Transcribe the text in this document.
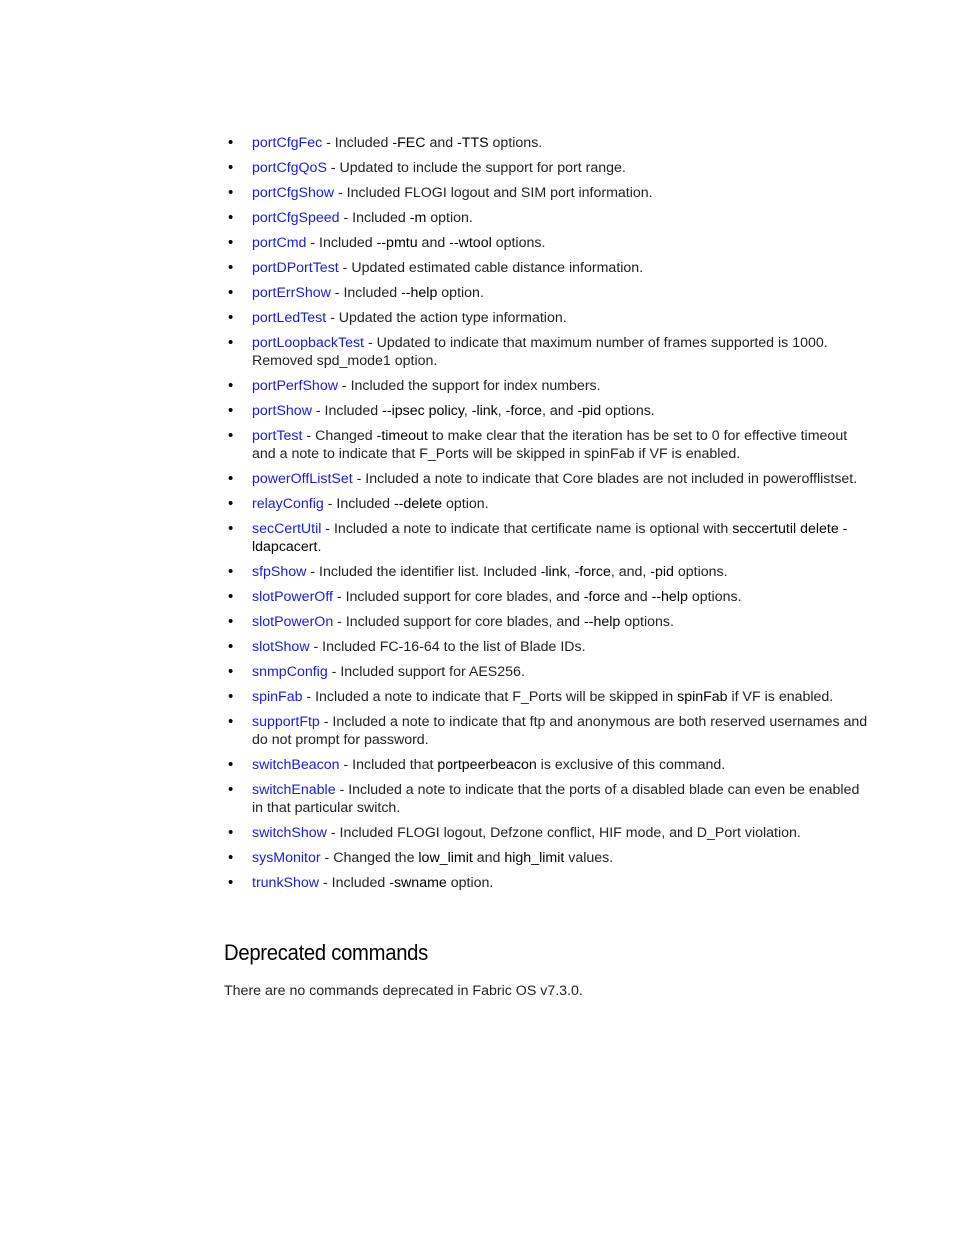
• portCfgFec - Included -FEC and -TTS options.
• portCfgQoS - Updated to include the support for port range.
• portCfgShow - Included FLOGI logout and SIM port information.
• portCfgSpeed - Included -m option.
• portCmd - Included --pmtu and --wtool options.
• portDPortTest - Updated estimated cable distance information.
• portErrShow - Included --help option.
• portLedTest - Updated the action type information.
• portLoopbackTest - Updated to indicate that maximum number of frames supported is 1000. Removed spd_mode1 option.
• portPerfShow - Included the support for index numbers.
• portShow - Included --ipsec policy, -link, -force, and -pid options.
• portTest - Changed -timeout to make clear that the iteration has be set to 0 for effective timeout and a note to indicate that F_Ports will be skipped in spinFab if VF is enabled.
• powerOffListSet - Included a note to indicate that Core blades are not included in powerofflistset.
• relayConfig - Included --delete option.
• secCertUtil - Included a note to indicate that certificate name is optional with seccertutil delete -ldapcacert.
• sfpShow - Included the identifier list. Included -link, -force, and, -pid options.
• slotPowerOff - Included support for core blades, and -force and --help options.
• slotPowerOn - Included support for core blades, and --help options.
• slotShow - Included FC-16-64 to the list of Blade IDs.
• snmpConfig - Included support for AES256.
• spinFab - Included a note to indicate that F_Ports will be skipped in spinFab if VF is enabled.
• supportFtp - Included a note to indicate that ftp and anonymous are both reserved usernames and do not prompt for password.
• switchBeacon - Included that portpeerbeacon is exclusive of this command.
• switchEnable - Included a note to indicate that the ports of a disabled blade can even be enabled in that particular switch.
• switchShow - Included FLOGI logout, Defzone conflict, HIF mode, and D_Port violation.
• sysMonitor - Changed the low_limit and high_limit values.
• trunkShow - Included -swname option.
Deprecated commands

There are no commands deprecated in Fabric OS v7.3.0.
